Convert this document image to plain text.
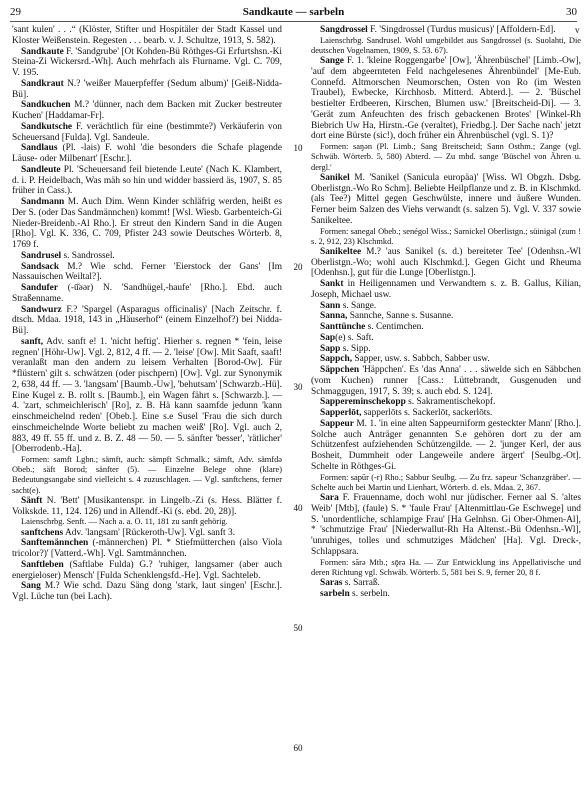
29	Sandkaute — sarbeln	30

'sant kulen' . . .“ (Klöster, Stifter und Hospitäler der Stadt Kassel und Kloster Weißenstein. Regesten . . . bearb. v. J. Schultze, 1913, S. 582).

Sandkaute F. 'Sandgrube' [Ot Kohden-Bü Röthges-Gi Erfurtshsn.-Ki Steina-Zi Wickersrd.-Wh]. Auch mehrfach als Flurname. Vgl. C. 709, V. 195.

Sandkraut N.? 'weißer Mauerpfeffer (Sedum album)' [Geiß-Nidda-Bü].

Sandkuchen M.? 'dünner, nach dem Backen mit Zucker bestreuter Kuchen' [Haddamar-Fr].

Sandkutsche F. verächtlich für eine (bestimmte?) Verkäuferin von Scheuersand [Fulda]. Vgl. Sandeule.

Sandlaus (Pl. -lǝis) F. wohl 'die besonders die Schafe plagende Läuse- oder Milbenart' [Eschr.].

Sandleute Pl. 'Scheuersand feil bietende Leute' (Nach K. Klambert, d. i. P. Heidelbach, Was mäh so hin und widder bassierd äs, 1907, S. 85 früher in Cass.).

Sandmann M. Auch Dim. Wenn Kinder schläfrig werden, heißt es Der S. (oder Das Sandmännchen) kommt! [Wsl. Wiesb. Garbenteich-Gi Nieder-Breidenb.-Al Rho.]. Er streut den Kindern Sand in die Augen [Rho]. Vgl. K. 336, C. 709, Pfister 243 sowie Deutsches Wörterb. 8, 1769 f.

Sandrusel s. Sandrossel.

Sandsack M.? Wie schd. Ferner 'Eierstock der Gans' [Im Nassauischen Weiltal?].

Sandufer (-ū̆ǝǝr) N. 'Sandhügel,-haufe' [Rho.]. Ebd. auch Straßenname.

Sandwurz F.? 'Spargel (Asparagus officinalis)' [Nach Zeitschr. f. dtsch. Mdaa. 1918, 143 in „Häuserhof“ (einem Einzelhof?) bei Nidda-Bü].

sanft, Adv. sanft e! 1. 'nicht heftig'. Hierher s. regnen * 'fein, leise regnen' [Höhr-Uw]. Vgl. 2, 812, 4 ff. — 2. 'leise' [Ow]. Mit Saaft, saaft! veranlaßt man den andern zu leisem Verhalten [Borod-Ow]. Für *flüstern' gilt s. schwätzen (oder pischpern) [Ow]. Vgl. zur Synonymik 2, 638, 44 ff. — 3. 'langsam' [Baumb.-Uw], 'behutsam' [Schwarzb.-Hü]. Eine Kugel z. B. rollt s. [Baumb.], ein Wagen fährt s. [Schwarzb.]. — 4. 'zart, schmeichlerisch' [Ro], z. B. Hä kann saamfde jedunn 'kann einschmeichelnd reden' [Obeb.]. Eine s.e Susel 'Frau die sich durch einschmeichelnde Worte beliebt zu machen weiß' [Ro]. Vgl. auch 2, 883, 49 ff. 55 ff. und z. B. Z. 48 — 50. — 5. sänfter 'besser', 'rätlicher' [Oberrodenb.-Ha].

Formen: samft Lgbn.; sämft, auch: sämpft Schmalk.; sämft, Adv. sämfdǝ Obeb.; säft Borod; sänfter (5). — Einzelne Belege ohne (klare) Bedeutungsangabe sind vielleicht s. 4 zuzuschlagen. — Vgl. sanftchens, ferner sacht(e).

Sänft N. 'Bett' [Musikantenspr. in Lingelb.-Zi (s. Hess. Blätter f. Volkskde. 11, 124. 126) und in Allendf.-Ki (s. ebd. 20, 28)].

Laienschrbg. Senft. — Nach a. a. O. 11, 181 zu sanft gehörig.

sanftchens Adv. 'langsam' [Rückeroth-Uw]. Vgl. sanft 3.

Sanftemännchen (-männerchen) Pl. * Stiefmütterchen (also Viola tricolor?)' [Vatterd.-Wh]. Vgl. Samtmännchen.

Sanftleben (Saftlabe Fulda) G.? 'ruhiger, langsamer (aber auch energieloser) Mensch' [Fulda Schenklengsfd.-He]. Vgl. Sachteleb.

Sang M.? Wie schd. Dazu Säng dong 'stark, laut singen' [Eschr.]. Vgl. Lüche tun (bei Lach).

Sangdrossel F. 'Singdrossel (Turdus musicus)' [Affoldern-Ed].

Laienschrbg. Sandrusel. Wohl umgebildet aus Sangdrossel (s. Suolahti, Die deutschen Vogelnamen, 1909, S. 53. 67).

Sange F. 1. 'kleine Roggengarbe' [Ow], 'Ährenbüschel' [Limb.-Ow], 'auf dem abgeernteten Feld nachgelesenes Ährenbündel' [Me-Eub. Connefd. Altmorschen Neumorschen, Osten von Ro (im Westen Traubel), Ewbecke, Kirchhosb. Mitterd. Abterd.]. — 2. 'Büschel bestielter Erdbeeren, Kirschen, Blumen usw.' [Breitscheid-Di]. — 3. 'Gerät zum Anfeuchten des frisch gebackenen Brotes' [Winkel-Rh Biebrich Uw Ha, Hirstn.-Ge (veraltet), Friedbg.]. Der Sache nach' jetzt dort eine Bürste (sic!), doch früher ein Ährenbüschel (vgl. S. 1)?

Formen: saŋǝn (Pl. Limb.; Sang Breitscheid; Sann Osthm.; Zange (vgl. Schwäb. Wörterb. 5, 580) Abterd. — Zu mhd. sange 'Büschel von Ähren u. dergl.'

Sanikel M. 'Sanikel (Sanicula europäa)' [Wiss. Wl Obgzh. Dsbg. Oberlistgn.-Wo Ro Schm]. Beliebte Heilpflanze und z. B. in Klschmkd. (als Tee?) Mittel gegen Geschwülste, innere und äußere Wunden. Ferner beim Salzen des Viehs verwandt (s. salzen 5). Vgl. V. 337 sowie Sanikeltee.

Formen: sanegal Obeb.; senégol Wiss.; Sarnickel Oberlistgn.; süinigǝl (zum ! s. 2, 912, 23) Klschmkd.

Sanikeltee M.? 'aus Sanikel (s. d.) bereiteter Tee' [Odenhsn.-Wl Oberlistgn.-Wo; wohl auch Klschmkd.]. Gegen Gicht und Rheuma [Odenhsn.], gut für die Lunge [Oberlistgn.].

Sankt in Heiligennamen und Verwandtem s. z. B. Gallus, Kilian, Joseph, Michael usw.

Sann s. Sange.

Sanna, Sannche, Sanne s. Susanne.

Santtünche s. Centimchen.

Sap(e) s. Saft.

Sapp s. Sipp.

Sappch, Sapper, usw. s. Sabbch, Sabber usw.

Säppchen 'Häppchen'. Es 'das Anna' . . . säwelde sich en Säbbchen (vom Kuchen) runner [Cass.: Lüttebrandt, Gusgenuden und Schmaggugen, 1917, S. 39; s. auch ebd. S. 124].

Sappereminschekopp s. Sakramentischekopf.

Sapperlōt, sapperlōts s. Sackerlōt, sackerlōts.

Sappeur M. 1. 'in eine alten Sappeurniform gesteckter Mann' [Rho.]. Solche auch Anträger genannten S.e gehören dort zu der am Schützenfest aufziehenden Schützengilde. — 2. 'junger Kerl, der aus Bosheit, Dummheit oder Langeweile andere ärgert' [Seulbg.-Ot]. Schelte in Röthges-Gi.

Formen: sapūr (-r) Rho.; Sabbur Seulbg. — Zu frz. sapeur 'Schanzgräber'. — Schelte auch bei Martin und Lienhart, Wörterb. d. els. Mdaa. 2, 367.

Sara F. Frauenname, doch wohl nur jüdischer. Ferner aal S. 'altes Weib' [Mtb], (faule) S. * 'faule Frau' [Altenmittlau-Ge Eschwege] und S. 'unordentliche, schlampige Frau' [Ha Gelnhsn. Gi Ober-Ohmen-Al], * 'schmutzige Frau' [Niederwallut-Rh Ha Altenst.-Bü Odenhsn.-Wl], 'unruhiges, tolles und schmutziges Mädchen' [Ha]. Vgl. Dreck-, Schlappsara.

Formen: sārǝ Mtb.; sǭrǝ Ha. — Zur Entwicklung ins Appellativische und deren Richtung vgl. Schwäb. Wörterb. 5, 581 bei S. 9, ferner 20, 8 f.

Saras s. Sarraß.

sarbeln s. serbeln.

10
20
30
40
50
60
v
